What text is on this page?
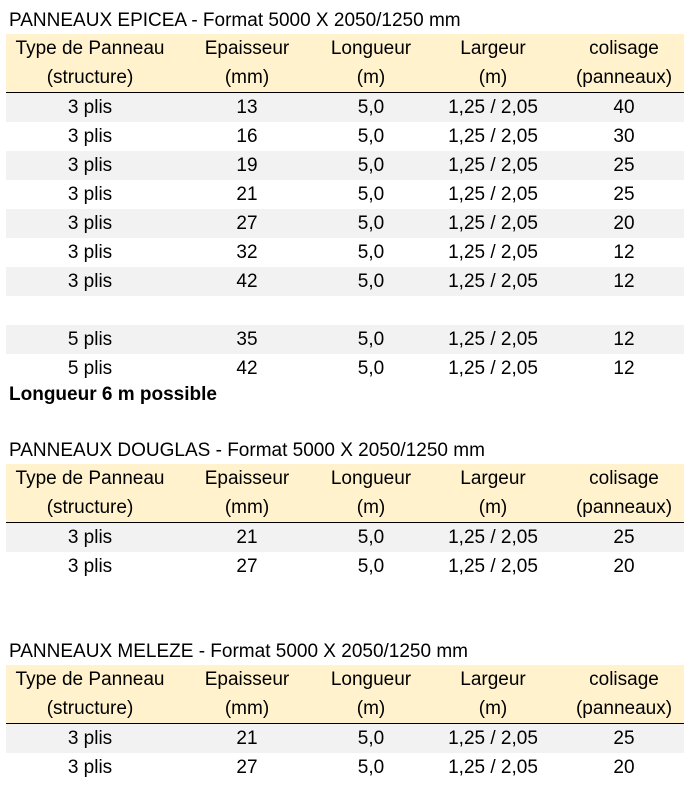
PANNEAUX EPICEA - Format 5000 X 2050/1250 mm
Type de Panneau	Epaisseur	Longueur	Largeur	colisage
(structure)	(mm)	(m)	(m)	(panneaux)
3 plis	13	5,0	1,25 / 2,05	40
3 plis	16	5,0	1,25 / 2,05	30
3 plis	19	5,0	1,25 / 2,05	25
3 plis	21	5,0	1,25 / 2,05	25
3 plis	27	5,0	1,25 / 2,05	20
3 plis	32	5,0	1,25 / 2,05	12
3 plis	42	5,0	1,25 / 2,05	12
5 plis	35	5,0	1,25 / 2,05	12
5 plis	42	5,0	1,25 / 2,05	12
Longueur 6 m possible
PANNEAUX DOUGLAS - Format 5000 X 2050/1250 mm
Type de Panneau	Epaisseur	Longueur	Largeur	colisage
(structure)	(mm)	(m)	(m)	(panneaux)
3 plis	21	5,0	1,25 / 2,05	25
3 plis	27	5,0	1,25 / 2,05	20
PANNEAUX MELEZE - Format 5000 X 2050/1250 mm
Type de Panneau	Epaisseur	Longueur	Largeur	colisage
(structure)	(mm)	(m)	(m)	(panneaux)
3 plis	21	5,0	1,25 / 2,05	25
3 plis	27	5,0	1,25 / 2,05	20
